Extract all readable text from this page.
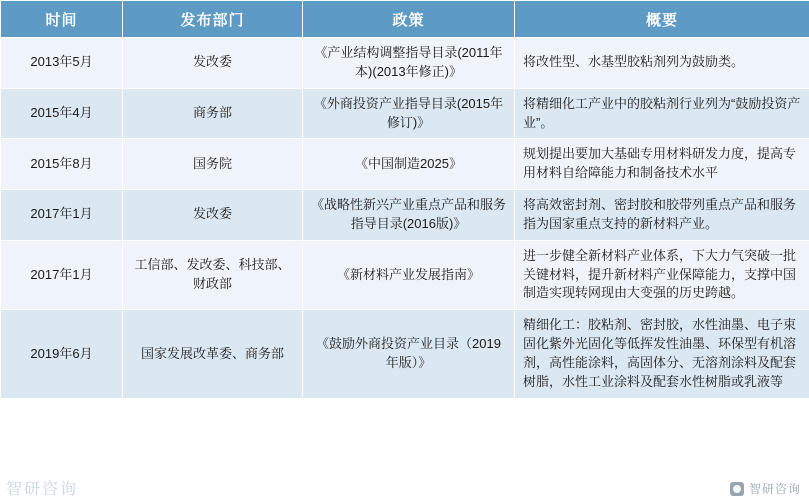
时间	发布部门	政策	概要
2013年5月	发改委	《产业结构调整指导目录(2011年本)(2013年修正)》	将改性型、水基型胶粘剂列为鼓励类。
2015年4月	商务部	《外商投资产业指导目录(2015年修订)》	将精细化工产业中的胶粘剂行业列为“鼓励投资产业”。
2015年8月	国务院	《中国制造2025》	规划提出要加大基础专用材料研发力度，提高专用材料自给障能力和制备技术水平
2017年1月	发改委	《战略性新兴产业重点产品和服务指导目录(2016版)》	将高效密封剂、密封胶和胶带列重点产品和服务指为国家重点支持的新材料产业。
2017年1月	工信部、发改委、科技部、财政部	《新材料产业发展指南》	进一步健全新材料产业体系，下大力气突破一批关键材料，提升新材料产业保障能力，支撑中国制造实现转网现由大变强的历史跨越。
2019年6月	国家发展改革委、商务部	《鼓励外商投资产业目录（2019年版）》	精细化工：胶粘剂、密封胶，水性油墨、电子束固化紫外光固化等低挥发性油墨、环保型有机溶剂，高性能涂料，高固体分、无溶剂涂料及配套树脂，水性工业涂料及配套水性树脂或乳液等
智研咨询	智研咨询
